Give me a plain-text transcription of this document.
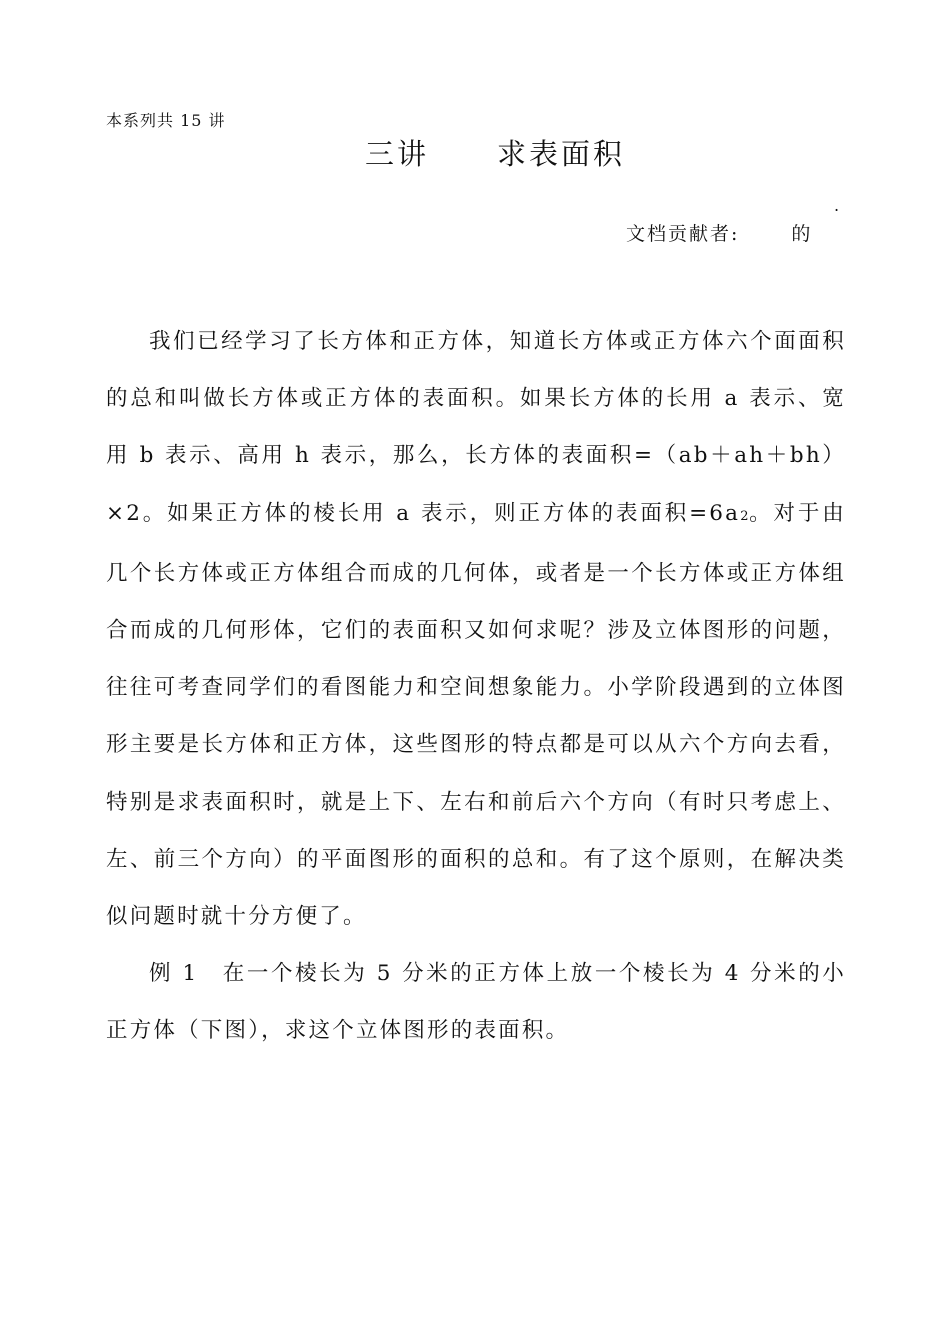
本系列共 15 讲
三讲 求表面积
.
文档贡献者:	的

我们已经学习了长方体和正方体，知道长方体或正方体六个面面积的总和叫做长方体或正方体的表面积。如果长方体的长用 a 表示、宽用 b 表示、高用 h 表示，那么，长方体的表面积=（ab＋ah＋bh）×2。如果正方体的棱长用 a 表示，则正方体的表面积=6a2。对于由几个长方体或正方体组合而成的几何体，或者是一个长方体或正方体组合而成的几何形体，它们的表面积又如何求呢？涉及立体图形的问题，往往可考查同学们的看图能力和空间想象能力。小学阶段遇到的立体图形主要是长方体和正方体，这些图形的特点都是可以从六个方向去看，特别是求表面积时，就是上下、左右和前后六个方向（有时只考虑上、左、前三个方向）的平面图形的面积的总和。有了这个原则，在解决类似问题时就十分方便了。

例 1 在一个棱长为 5 分米的正方体上放一个棱长为 4 分米的小正方体（下图），求这个立体图形的表面积。
